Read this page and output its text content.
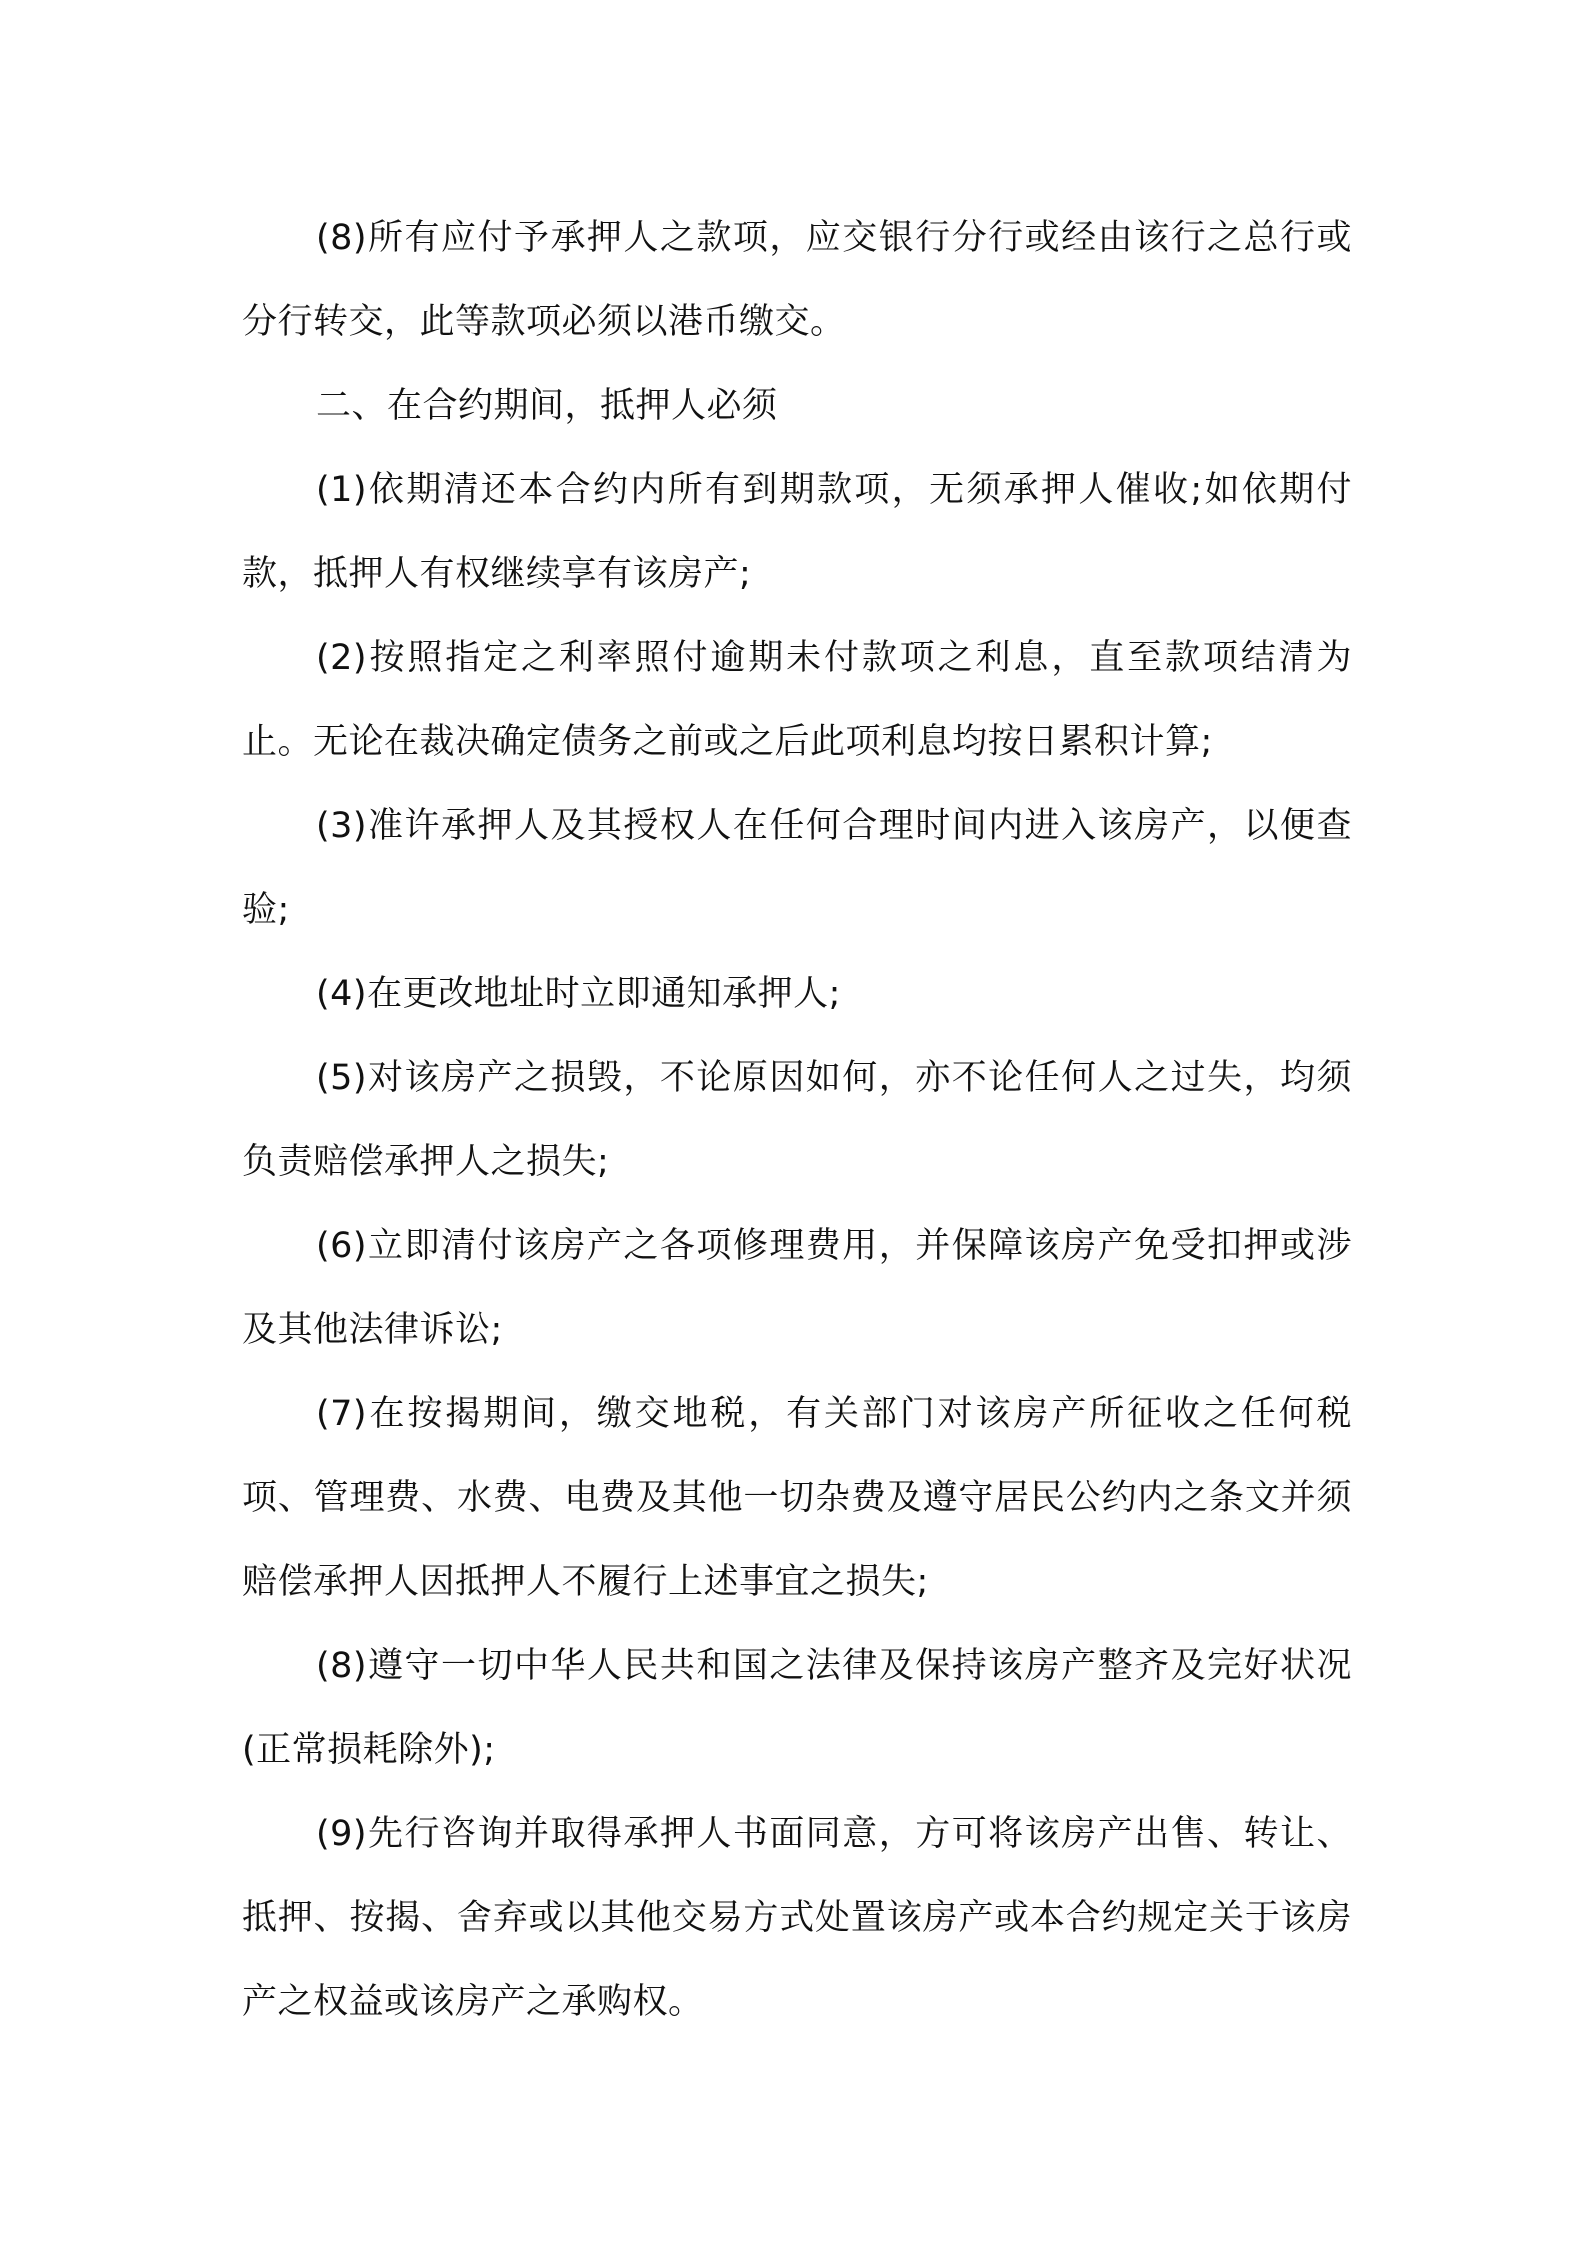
(8)所有应付予承押人之款项，应交银行分行或经由该行之总行或分行转交，此等款项必须以港币缴交。

二、在合约期间，抵押人必须

(1)依期清还本合约内所有到期款项，无须承押人催收;如依期付款，抵押人有权继续享有该房产;

(2)按照指定之利率照付逾期未付款项之利息，直至款项结清为止。无论在裁决确定债务之前或之后此项利息均按日累积计算;

(3)准许承押人及其授权人在任何合理时间内进入该房产，以便查验;

(4)在更改地址时立即通知承押人;

(5)对该房产之损毁，不论原因如何，亦不论任何人之过失，均须负责赔偿承押人之损失;

(6)立即清付该房产之各项修理费用，并保障该房产免受扣押或涉及其他法律诉讼;

(7)在按揭期间，缴交地税，有关部门对该房产所征收之任何税项、管理费、水费、电费及其他一切杂费及遵守居民公约内之条文并须赔偿承押人因抵押人不履行上述事宜之损失;

(8)遵守一切中华人民共和国之法律及保持该房产整齐及完好状况(正常损耗除外);

(9)先行咨询并取得承押人书面同意，方可将该房产出售、转让、抵押、按揭、舍弃或以其他交易方式处置该房产或本合约规定关于该房产之权益或该房产之承购权。
